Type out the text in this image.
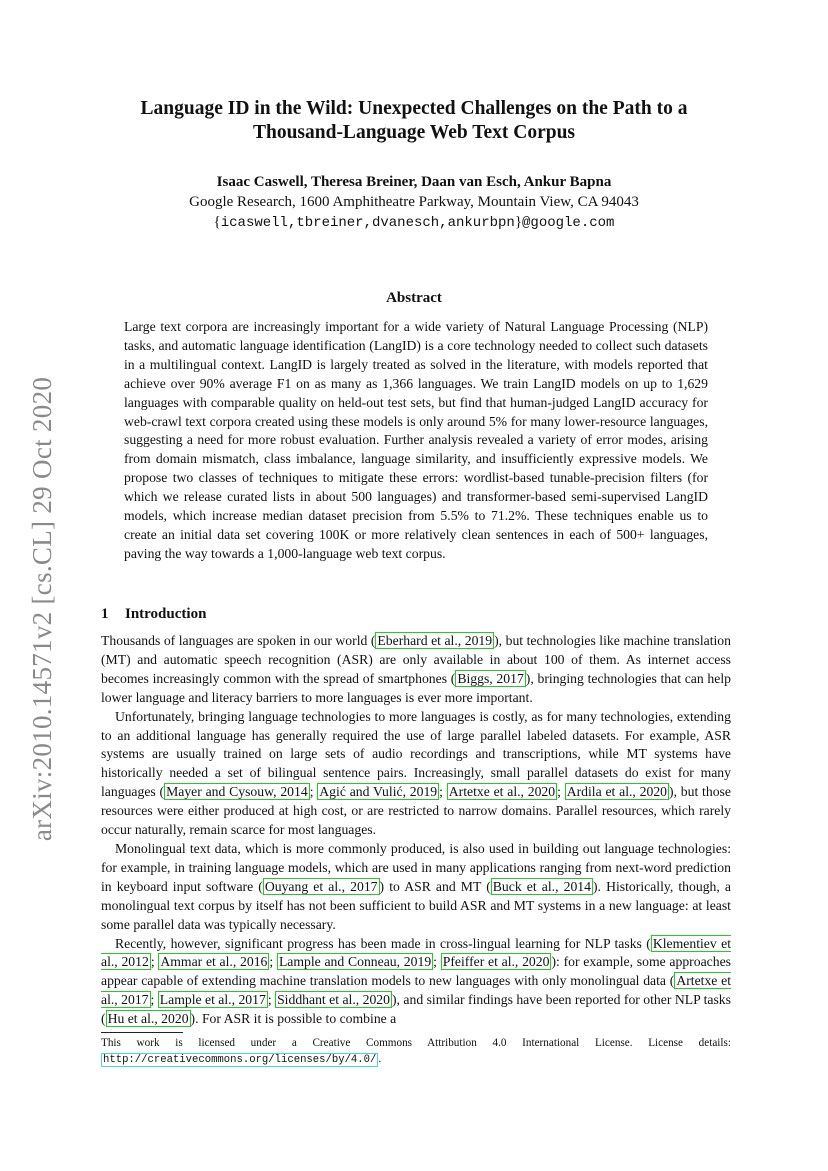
arXiv:2010.14571v2 [cs.CL] 29 Oct 2020
Language ID in the Wild: Unexpected Challenges on the Path to a
Thousand-Language Web Text Corpus
Isaac Caswell, Theresa Breiner, Daan van Esch, Ankur Bapna
Google Research, 1600 Amphitheatre Parkway, Mountain View, CA 94043
{icaswell,tbreiner,dvanesch,ankurbpn}@google.com
Abstract

Large text corpora are increasingly important for a wide variety of Natural Language Processing (NLP) tasks, and automatic language identification (LangID) is a core technology needed to collect such datasets in a multilingual context. LangID is largely treated as solved in the literature, with models reported that achieve over 90% average F1 on as many as 1,366 languages. We train LangID models on up to 1,629 languages with comparable quality on held-out test sets, but find that human-judged LangID accuracy for web-crawl text corpora created using these models is only around 5% for many lower-resource languages, suggesting a need for more robust evaluation. Further analysis revealed a variety of error modes, arising from domain mismatch, class imbalance, language similarity, and insufficiently expressive models. We propose two classes of techniques to mitigate these errors: wordlist-based tunable-precision filters (for which we release curated lists in about 500 languages) and transformer-based semi-supervised LangID models, which increase median dataset precision from 5.5% to 71.2%. These techniques enable us to create an initial data set covering 100K or more relatively clean sentences in each of 500+ languages, paving the way towards a 1,000-language web text corpus.

1 Introduction

Thousands of languages are spoken in our world ( Eberhard et al., 2019 ), but technologies like machine translation (MT) and automatic speech recognition (ASR) are only available in about 100 of them. As internet access becomes increasingly common with the spread of smartphones ( Biggs, 2017 ), bringing technologies that can help lower language and literacy barriers to more languages is ever more important.

Unfortunately, bringing language technologies to more languages is costly, as for many technologies, extending to an additional language has generally required the use of large parallel labeled datasets. For example, ASR systems are usually trained on large sets of audio recordings and transcriptions, while MT systems have historically needed a set of bilingual sentence pairs. Increasingly, small parallel datasets do exist for many languages ( Mayer and Cysouw, 2014 ; Agić and Vulić, 2019 ; Artetxe et al., 2020 ; Ardila et al., 2020 ), but those resources were either produced at high cost, or are restricted to narrow domains. Parallel resources, which rarely occur naturally, remain scarce for most languages.

Monolingual text data, which is more commonly produced, is also used in building out language technologies: for example, in training language models, which are used in many applications ranging from next-word prediction in keyboard input software ( Ouyang et al., 2017 ) to ASR and MT ( Buck et al., 2014 ). Historically, though, a monolingual text corpus by itself has not been sufficient to build ASR and MT systems in a new language: at least some parallel data was typically necessary.

Recently, however, significant progress has been made in cross-lingual learning for NLP tasks ( Klementiev et al., 2012 ; Ammar et al., 2016 ; Lample and Conneau, 2019 ; Pfeiffer et al., 2020 ): for example, some approaches appear capable of extending machine translation models to new languages with only monolingual data ( Artetxe et al., 2017 ; Lample et al., 2017 ; Siddhant et al., 2020 ), and similar findings have been reported for other NLP tasks ( Hu et al., 2020 ). For ASR it is possible to combine a

This work is licensed under a Creative Commons Attribution 4.0 International License. License details: http://creativecommons.org/licenses/by/4.0/ .
